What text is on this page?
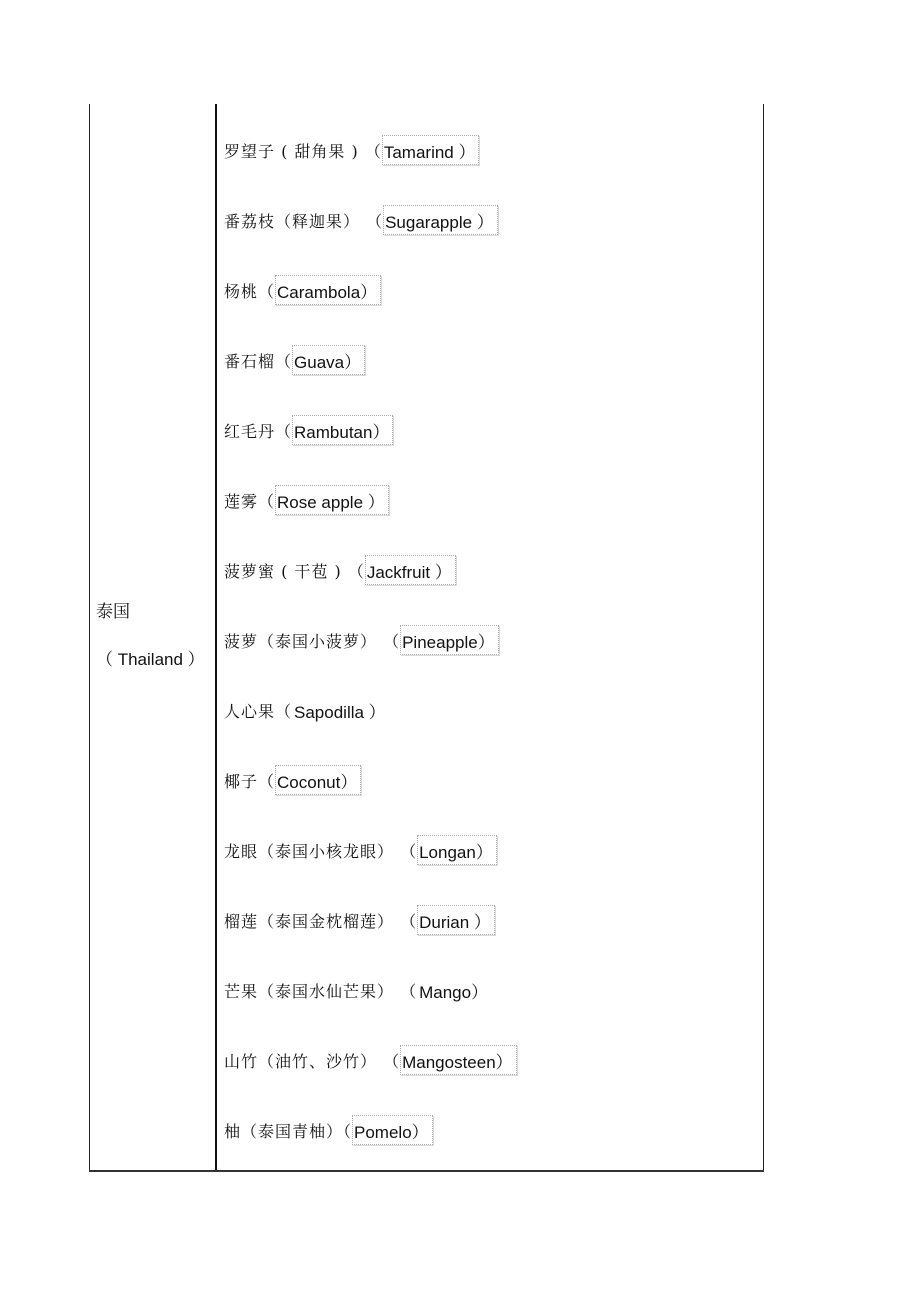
泰国
（ Thailand ）
罗望子 ( 甜角果 ) （ Tamarind ）
番荔枝（释迦果） （ Sugarapple ）
杨桃（ Carambola）
番石榴（ Guava）
红毛丹（ Rambutan）
莲雾（ Rose apple ）
菠萝蜜 ( 干苞 ) （ Jackfruit ）
菠萝（泰国小菠萝） （ Pineapple）
人心果（ Sapodilla ）
椰子（ Coconut）
龙眼（泰国小核龙眼） （ Longan）
榴莲（泰国金枕榴莲） （ Durian ）
芒果（泰国水仙芒果） （ Mango）
山竹（油竹、沙竹） （ Mangosteen）
柚（泰国青柚）（ Pomelo）
